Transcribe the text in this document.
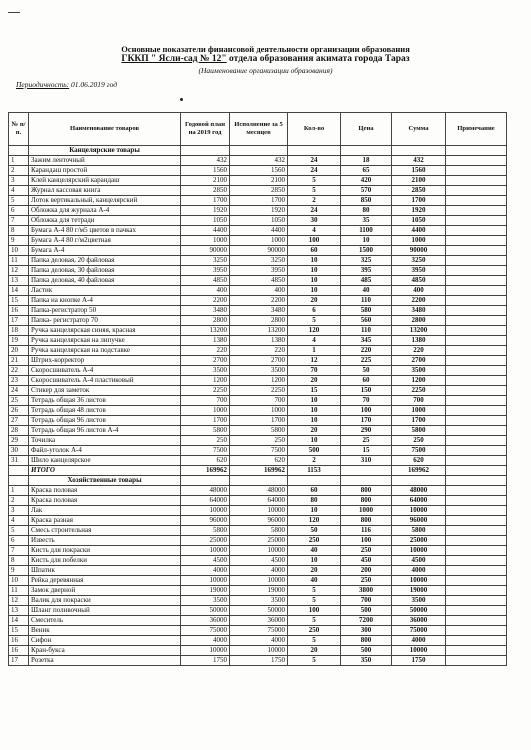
Основные показатели финансовой деятельности организации образования
ГККП " Ясли-сад № 12" отдела образования акимата города Тараз
(Наименование организации образования)
Периодичность: 01.06.2019 год
№ п/п.	Наименование товаров	Годовой план на 2019 год	Исполнение за 5 месяцев	Кол-во	Цена	Сумма	Примечание
	Канцелярские товары						
1	Зажим ленточный	432	432	24	18	432	
2	Карандаш простой	1560	1560	24	65	1560	
3	Клей канцелярский карандаш	2100	2100	5	420	2100	
4	Журнал кассовая книга	2850	2850	5	570	2850	
5	Лоток вертикальный, канцелярский	1700	1700	2	850	1700	
6	Обложка для журнала А-4	1920	1920	24	80	1920	
7	Обложка для тетради	1050	1050	30	35	1050	
8	Бумага А-4 80 г/м5 цветов в пачках	4400	4400	4	1100	4400	
9	Бумага А-4 80 г/м2цветная	1000	1000	100	10	1000	
10	Бумага А-4	90000	90000	60	1500	90000	
11	Папка деловая, 20 файловая	3250	3250	10	325	3250	
12	Папка деловая, 30 файловая	3950	3950	10	395	3950	
13	Папка деловая, 40 файловая	4850	4850	10	485	4850	
14	Ластик	400	400	10	40	400	
15	Папка на кнопке А-4	2200	2200	20	110	2200	
16	Папка-регистратор 50	3480	3480	6	580	3480	
17	Папка- регистратор 70	2800	2800	5	560	2800	
18	Ручка канцелярская синяя, красная	13200	13200	120	110	13200	
19	Ручка канцелярская на липучке	1380	1380	4	345	1380	
20	Ручка канцелярская на подставке	220	220	1	220	220	
21	Штрих-корректор	2700	2700	12	225	2700	
22	Скоросшиватель А-4	3500	3500	70	50	3500	
23	Скоросшиватель А-4 пластиковый	1200	1200	20	60	1200	
24	Стикер для заметок	2250	2250	15	150	2250	
25	Тетрадь общая 36 листов	700	700	10	70	700	
26	Тетрадь общая 48 листов	1000	1000	10	100	1000	
27	Тетрадь общая 96 листов	1700	1700	10	170	1700	
28	Тетрадь общая 96 листов А-4	5800	5800	20	290	5800	
29	Точилка	250	250	10	25	250	
30	Файл-уголок А-4	7500	7500	500	15	7500	
31	Шило канцелярское	620	620	2	310	620	
	ИТОГО	169962	169962	1153		169962	
	Хозяйственные товары						
1	Краска половая	48000	48000	60	800	48000	
2	Краска половая	64000	64000	80	800	64000	
3	Лак	10000	10000	10	1000	10000	
4	Краска разная	96000	96000	120	800	96000	
5	Смесь строительная	5800	5800	50	116	5800	
6	Известь	25000	25000	250	100	25000	
7	Кисть для покраски	10000	10000	40	250	10000	
8	Кисть для побелки	4500	4500	10	450	4500	
9	Шпатик	4000	4000	20	200	4000	
10	Рейка деревянная	10000	10000	40	250	10000	
11	Замок дверной	19000	19000	5	3800	19000	
12	Валик для покраски	3500	3500	5	700	3500	
13	Шланг поливочный	50000	50000	100	500	50000	
14	Смеситель	36000	36000	5	7200	36000	
15	Веник	75000	75000	250	300	75000	
16	Сифон	4000	4000	5	800	4000	
16	Кран-букса	10000	10000	20	500	10000	
17	Розетка	1750	1750	5	350	1750	
